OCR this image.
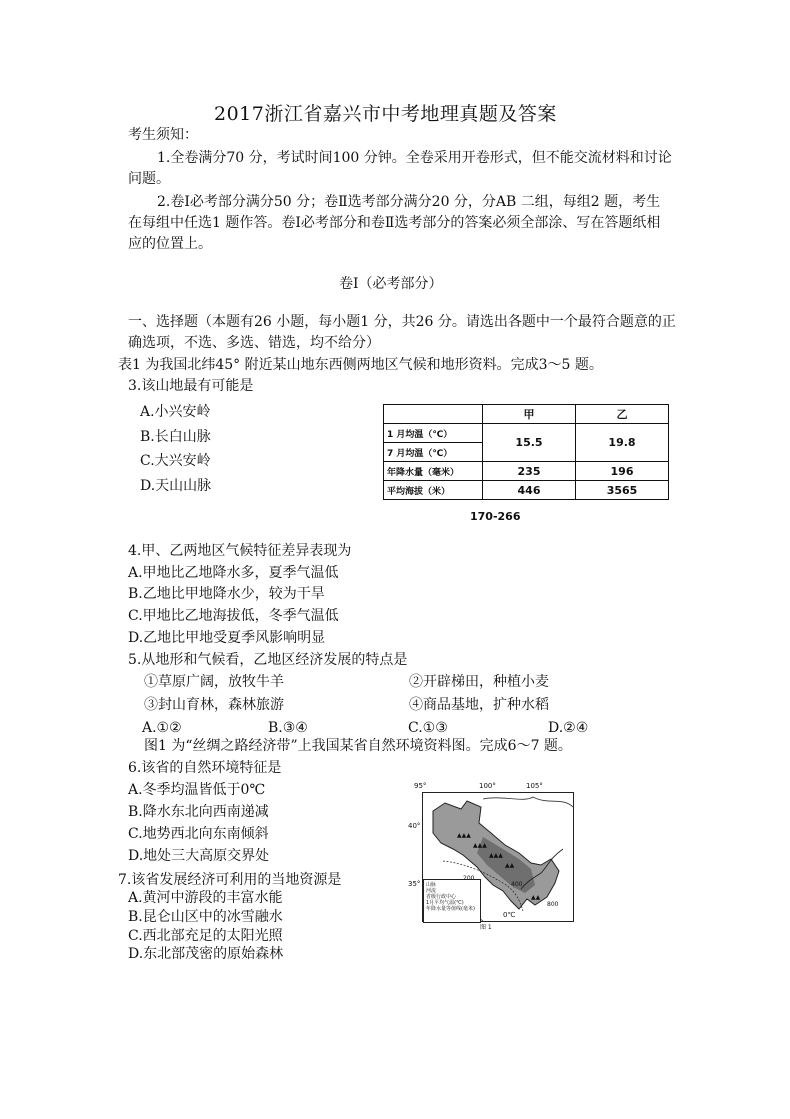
2017浙江省嘉兴市中考地理真题及答案
考生须知：
1.全卷满分70 分，考试时间100 分钟。全卷采用开卷形式，但不能交流材料和讨论
问题。
2.卷Ⅰ必考部分满分50 分；卷Ⅱ选考部分满分20 分，分AB 二组，每组2 题，考生
在每组中任选1 题作答。卷Ⅰ必考部分和卷Ⅱ选考部分的答案必须全部涂、写在答题纸相
应的位置上。
卷Ⅰ（必考部分）
一、选择题（本题有26 小题，每小题1 分，共26 分。请选出各题中一个最符合题意的正
确选项，不选、多选、错选，均不给分）
表1 为我国北纬45° 附近某山地东西侧两地区气候和地形资料。完成3～5 题。
3.该山地最有可能是
A.小兴安岭
B.长白山脉
C.大兴安岭
D.天山山脉
	甲	乙
1 月均温（℃）	15.5	19.8
7 月均温（℃）		
年降水量（毫米）	235	196
平均海拔（米）	446	3565
170-266
4.甲、乙两地区气候特征差异表现为
A.甲地比乙地降水多，夏季气温低
B.乙地比甲地降水少，较为干旱
C.甲地比乙地海拔低，冬季气温低
D.乙地比甲地受夏季风影响明显
5.从地形和气候看，乙地区经济发展的特点是
①草原广阔，放牧牛羊	②开辟梯田，种植小麦
③封山育林，森林旅游	④商品基地，扩种水稻
A.①②	B.③④	C.①③	D.②④
图1 为“丝绸之路经济带”上我国某省自然环境资料图。完成6～7 题。
6.该省的自然环境特征是
A.冬季均温皆低于0℃
B.降水东北向西南递减
C.地势西北向东南倾斜
D.地处三大高原交界处
7.该省发展经济可利用的当地资源是
A.黄河中游段的丰富水能
B.昆仑山区中的冰雪融水
C.西北部充足的太阳光照
D.东北部茂密的原始森林
95°	100°	105°
40°
35°
▲▲▲
▲▲▲
▲▲▲
▲▲
▲▲
400
800
0℃
山脉
河流
省级行政中心
1月平均气温(℃)
年降水量等值线(毫米)
图 1
